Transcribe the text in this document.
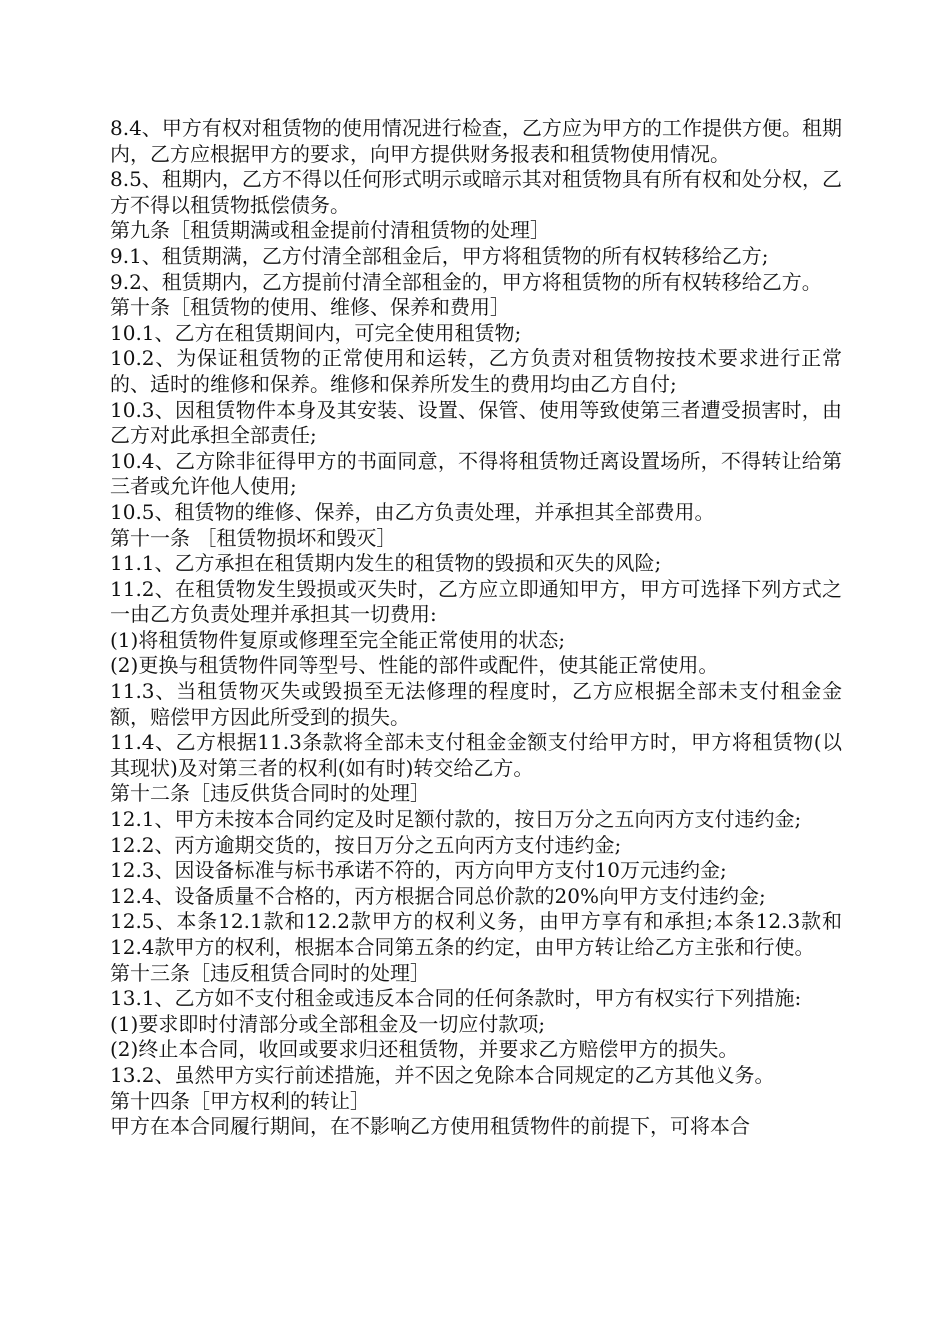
8.4、甲方有权对租赁物的使用情况进行检查，乙方应为甲方的工作提供方便。租期内，乙方应根据甲方的要求，向甲方提供财务报表和租赁物使用情况。

8.5、租期内，乙方不得以任何形式明示或暗示其对租赁物具有所有权和处分权，乙方不得以租赁物抵偿债务。

第九条［租赁期满或租金提前付清租赁物的处理］

9.1、租赁期满，乙方付清全部租金后，甲方将租赁物的所有权转移给乙方;

9.2、租赁期内，乙方提前付清全部租金的，甲方将租赁物的所有权转移给乙方。

第十条［租赁物的使用、维修、保养和费用］

10.1、乙方在租赁期间内，可完全使用租赁物;

10.2、为保证租赁物的正常使用和运转，乙方负责对租赁物按技术要求进行正常的、适时的维修和保养。维修和保养所发生的费用均由乙方自付;

10.3、因租赁物件本身及其安装、设置、保管、使用等致使第三者遭受损害时，由乙方对此承担全部责任;

10.4、乙方除非征得甲方的书面同意，不得将租赁物迁离设置场所，不得转让给第三者或允许他人使用;

10.5、租赁物的维修、保养，由乙方负责处理，并承担其全部费用。

第十一条 ［租赁物损坏和毁灭］

11.1、乙方承担在租赁期内发生的租赁物的毁损和灭失的风险;

11.2、在租赁物发生毁损或灭失时，乙方应立即通知甲方，甲方可选择下列方式之一由乙方负责处理并承担其一切费用:

(1)将租赁物件复原或修理至完全能正常使用的状态;

(2)更换与租赁物件同等型号、性能的部件或配件，使其能正常使用。

11.3、当租赁物灭失或毁损至无法修理的程度时，乙方应根据全部未支付租金金额，赔偿甲方因此所受到的损失。

11.4、乙方根据11.3条款将全部未支付租金金额支付给甲方时，甲方将租赁物(以其现状)及对第三者的权利(如有时)转交给乙方。

第十二条［违反供货合同时的处理］

12.1、甲方未按本合同约定及时足额付款的，按日万分之五向丙方支付违约金;

12.2、丙方逾期交货的，按日万分之五向丙方支付违约金;

12.3、因设备标准与标书承诺不符的，丙方向甲方支付10万元违约金;

12.4、设备质量不合格的，丙方根据合同总价款的20%向甲方支付违约金;

12.5、本条12.1款和12.2款甲方的权利义务，由甲方享有和承担;本条12.3款和12.4款甲方的权利，根据本合同第五条的约定，由甲方转让给乙方主张和行使。

第十三条［违反租赁合同时的处理］

13.1、乙方如不支付租金或违反本合同的任何条款时，甲方有权实行下列措施:

(1)要求即时付清部分或全部租金及一切应付款项;

(2)终止本合同，收回或要求归还租赁物，并要求乙方赔偿甲方的损失。

13.2、虽然甲方实行前述措施，并不因之免除本合同规定的乙方其他义务。

第十四条［甲方权利的转让］

甲方在本合同履行期间，在不影响乙方使用租赁物件的前提下，可将本合
